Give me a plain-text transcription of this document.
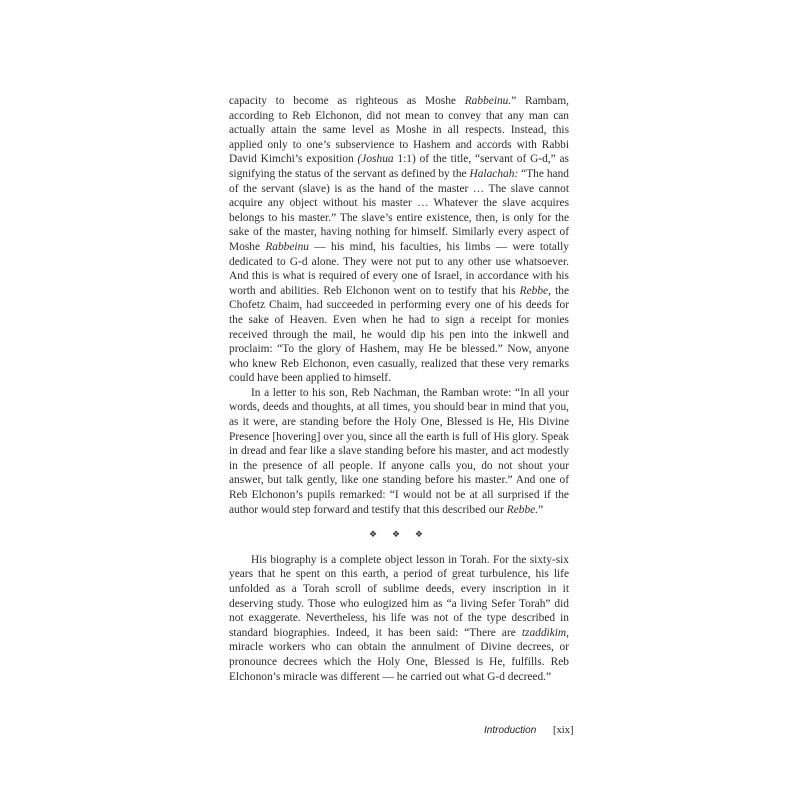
capacity to become as righteous as Moshe Rabbeinu.” Rambam, according to Reb Elchonon, did not mean to convey that any man can actually attain the same level as Moshe in all respects. Instead, this applied only to one’s subservience to Hashem and accords with Rabbi David Kimchi’s exposition (Joshua 1:1) of the title, “servant of G-d,” as signifying the status of the servant as defined by the Halachah: “The hand of the servant (slave) is as the hand of the master … The slave cannot acquire any object without his master … Whatever the slave acquires belongs to his master.” The slave’s entire existence, then, is only for the sake of the master, having nothing for himself. Similarly every aspect of Moshe Rabbeinu — his mind, his faculties, his limbs — were totally dedicated to G-d alone. They were not put to any other use whatsoever. And this is what is required of every one of Israel, in accordance with his worth and abilities. Reb Elchonon went on to testify that his Rebbe, the Chofetz Chaim, had succeeded in performing every one of his deeds for the sake of Heaven. Even when he had to sign a receipt for monies received through the mail, he would dip his pen into the inkwell and proclaim: “To the glory of Hashem, may He be blessed.” Now, anyone who knew Reb Elchonon, even casually, realized that these very remarks could have been applied to himself.

In a letter to his son, Reb Nachman, the Ramban wrote: “In all your words, deeds and thoughts, at all times, you should bear in mind that you, as it were, are standing before the Holy One, Blessed is He, His Divine Presence [hovering] over you, since all the earth is full of His glory. Speak in dread and fear like a slave standing before his master, and act modestly in the presence of all people. If anyone calls you, do not shout your answer, but talk gently, like one standing before his master.” And one of Reb Elchonon’s pupils remarked: “I would not be at all surprised if the author would step forward and testify that this described our Rebbe.”

❖ ❖ ❖

His biography is a complete object lesson in Torah. For the sixty-six years that he spent on this earth, a period of great turbulence, his life unfolded as a Torah scroll of sublime deeds, every inscription in it deserving study. Those who eulogized him as “a living Sefer Torah” did not exaggerate. Nevertheless, his life was not of the type described in standard biographies. Indeed, it has been said: “There are tzaddikim, miracle workers who can obtain the annulment of Divine decrees, or pronounce decrees which the Holy One, Blessed is He, fulfills. Reb Elchonon’s miracle was different — he carried out what G-d decreed.”

Introduction [xix]
